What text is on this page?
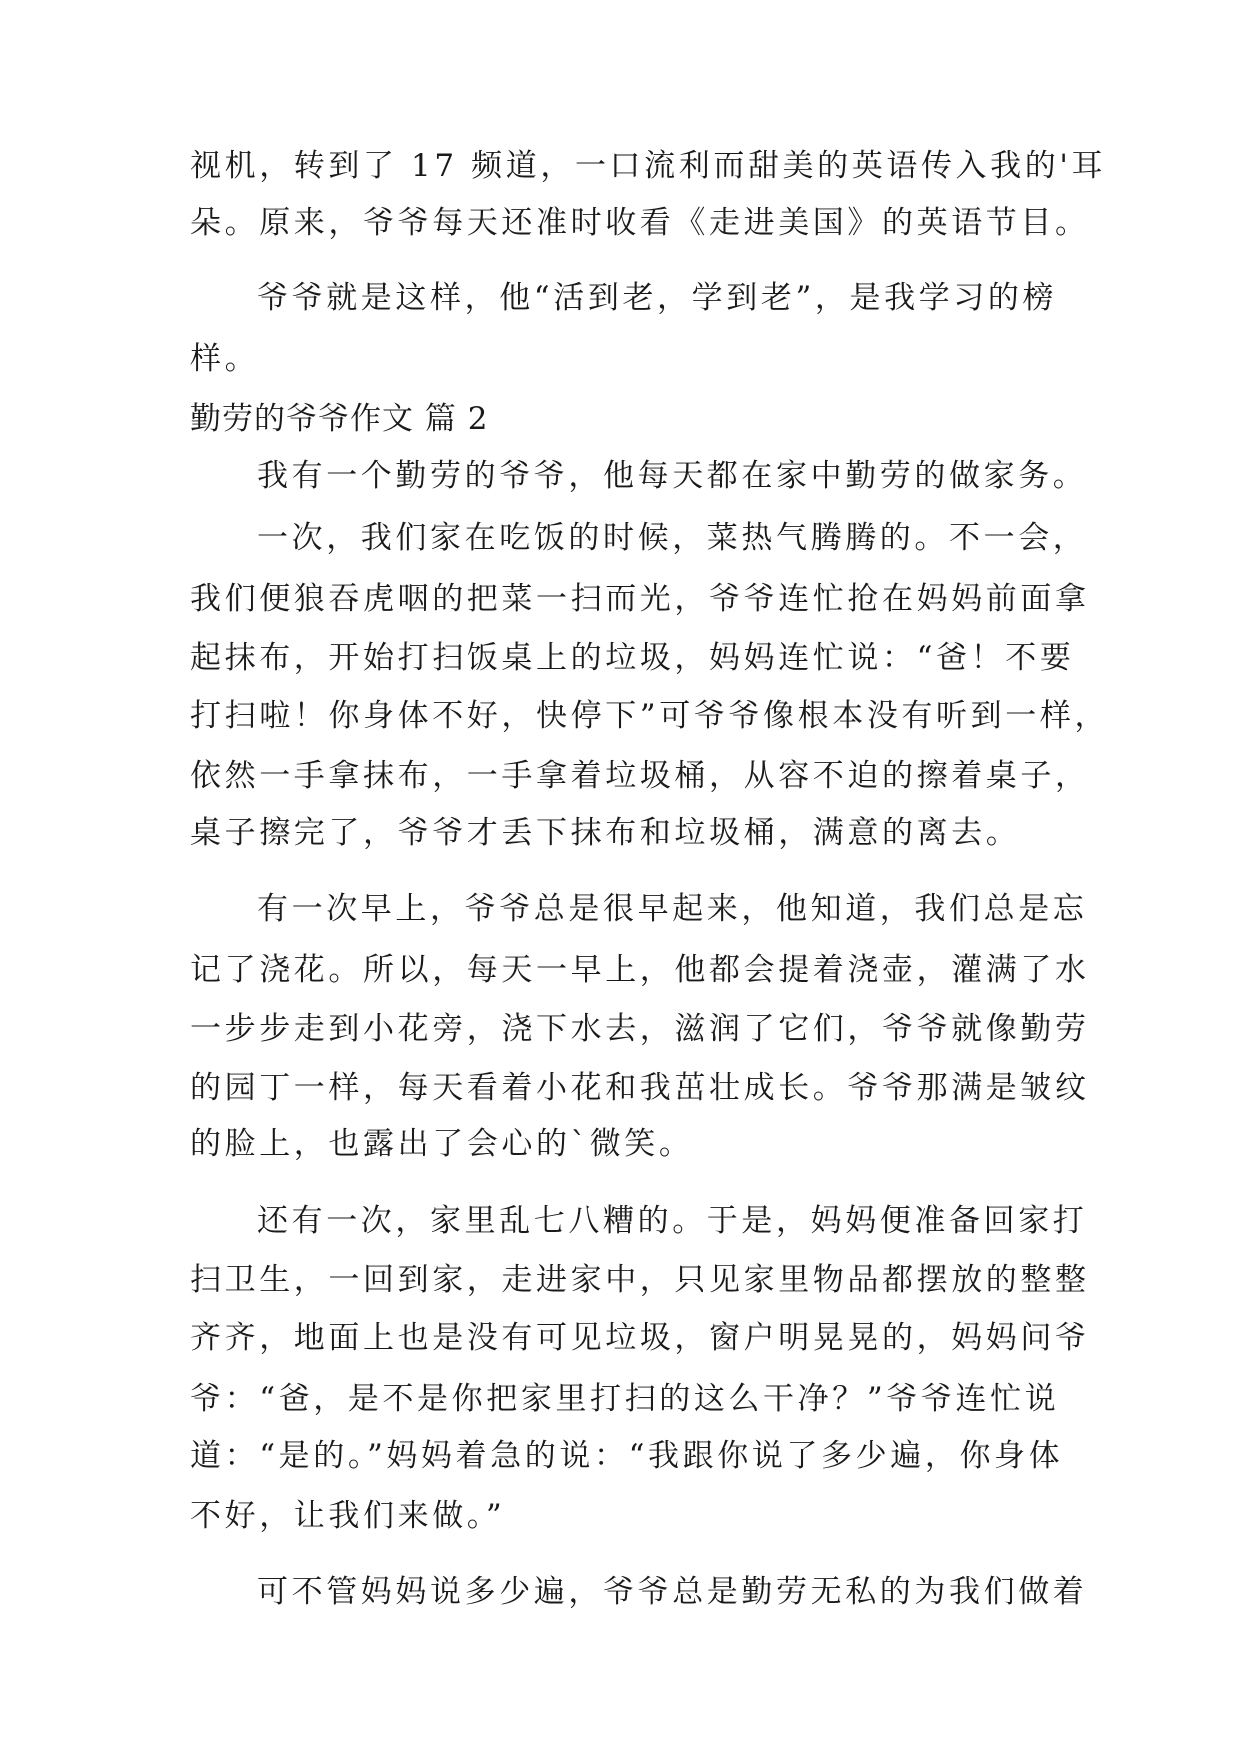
视机，转到了 17 频道，一口流利而甜美的英语传入我的'耳

朵。原来，爷爷每天还准时收看《走进美国》的英语节目。

爷爷就是这样，他“活到老，学到老”，是我学习的榜

样。

勤劳的爷爷作文 篇 2

我有一个勤劳的爷爷，他每天都在家中勤劳的做家务。

一次，我们家在吃饭的时候，菜热气腾腾的。不一会，

我们便狼吞虎咽的把菜一扫而光，爷爷连忙抢在妈妈前面拿

起抹布，开始打扫饭桌上的垃圾，妈妈连忙说：“爸！不要

打扫啦！你身体不好，快停下”可爷爷像根本没有听到一样，

依然一手拿抹布，一手拿着垃圾桶，从容不迫的擦着桌子，

桌子擦完了，爷爷才丢下抹布和垃圾桶，满意的离去。

有一次早上，爷爷总是很早起来，他知道，我们总是忘

记了浇花。所以，每天一早上，他都会提着浇壶，灌满了水

一步步走到小花旁，浇下水去，滋润了它们，爷爷就像勤劳

的园丁一样，每天看着小花和我茁壮成长。爷爷那满是皱纹

的脸上，也露出了会心的`微笑。

还有一次，家里乱七八糟的。于是，妈妈便准备回家打

扫卫生，一回到家，走进家中，只见家里物品都摆放的整整

齐齐，地面上也是没有可见垃圾，窗户明晃晃的，妈妈问爷

爷：“爸，是不是你把家里打扫的这么干净？”爷爷连忙说

道：“是的。”妈妈着急的说：“我跟你说了多少遍，你身体

不好，让我们来做。”

可不管妈妈说多少遍，爷爷总是勤劳无私的为我们做着
